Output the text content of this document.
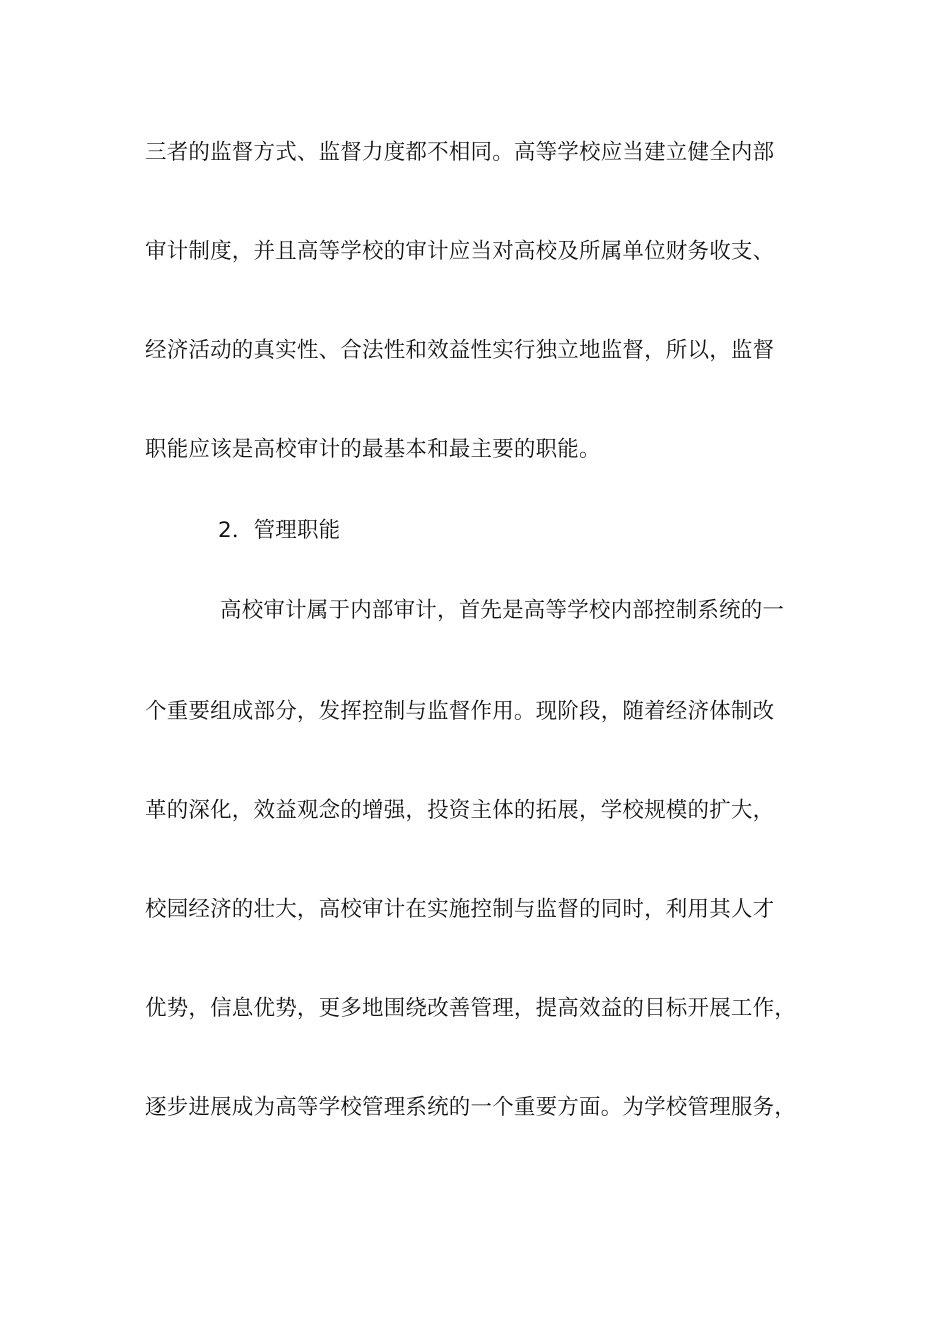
三者的监督方式、监督力度都不相同。高等学校应当建立健全内部
审计制度，并且高等学校的审计应当对高校及所属单位财务收支、
经济活动的真实性、合法性和效益性实行独立地监督，所以，监督
职能应该是高校审计的最基本和最主要的职能。
2．管理职能
高校审计属于内部审计，首先是高等学校内部控制系统的一
个重要组成部分，发挥控制与监督作用。现阶段，随着经济体制改
革的深化，效益观念的增强，投资主体的拓展，学校规模的扩大，
校园经济的壮大，高校审计在实施控制与监督的同时，利用其人才
优势，信息优势，更多地围绕改善管理，提高效益的目标开展工作，
逐步进展成为高等学校管理系统的一个重要方面。为学校管理服务，
